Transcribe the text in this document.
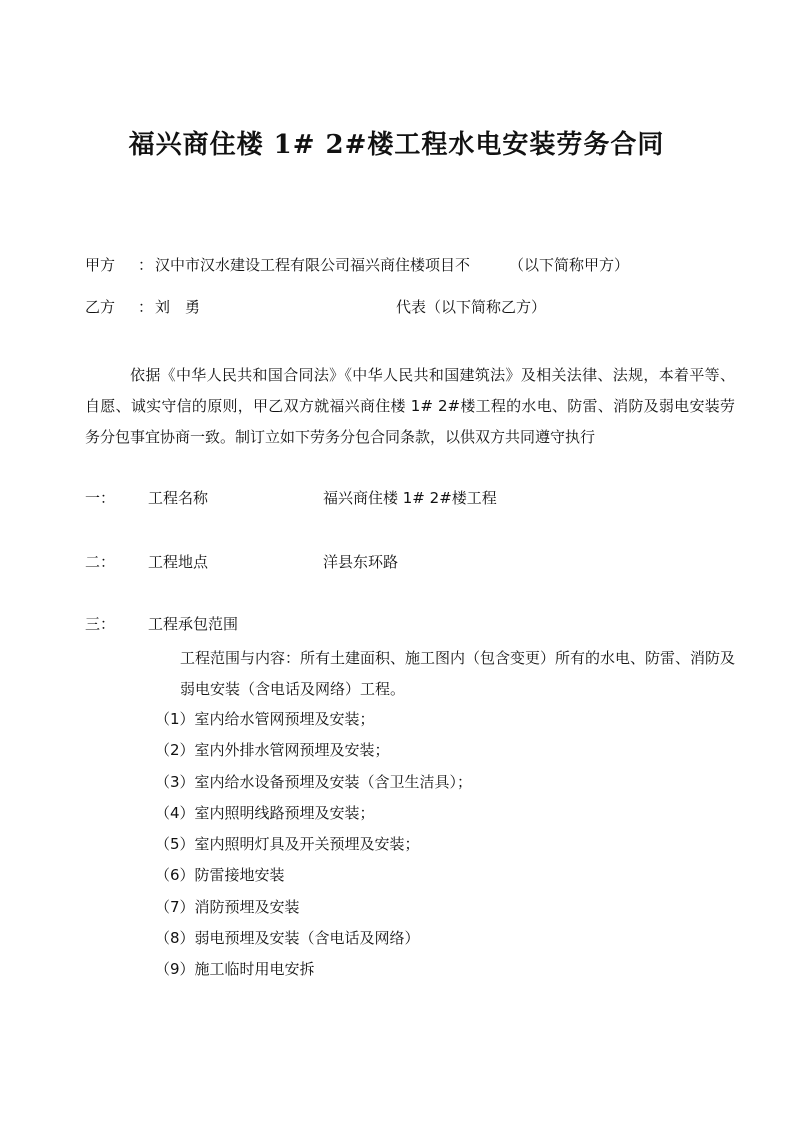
福兴商住楼 1# 2#楼工程水电安装劳务合同
甲方 ： 汉中市汉水建设工程有限公司福兴商住楼项目不	（以下简称甲方）
乙方 ： 刘　勇	代表（以下简称乙方）

依据《中华人民共和国合同法》《中华人民共和国建筑法》及相关法律、法规，本着平等、自愿、诚实守信的原则，甲乙双方就福兴商住楼 1# 2#楼工程的水电、防雷、消防及弱电安装劳务分包事宜协商一致。制订立如下劳务分包合同条款，以供双方共同遵守执行

一： 工程名称	福兴商住楼 1# 2#楼工程
二： 工程地点	洋县东环路
三： 工程承包范围

工程范围与内容：所有土建面积、施工图内（包含变更）所有的水电、防雷、消防及弱电安装（含电话及网络）工程。

（1）室内给水管网预埋及安装；
（2）室内外排水管网预埋及安装；
（3）室内给水设备预埋及安装（含卫生洁具）；
（4）室内照明线路预埋及安装；
（5）室内照明灯具及开关预埋及安装；
（6）防雷接地安装
（7）消防预埋及安装
（8）弱电预埋及安装（含电话及网络）
（9）施工临时用电安拆
